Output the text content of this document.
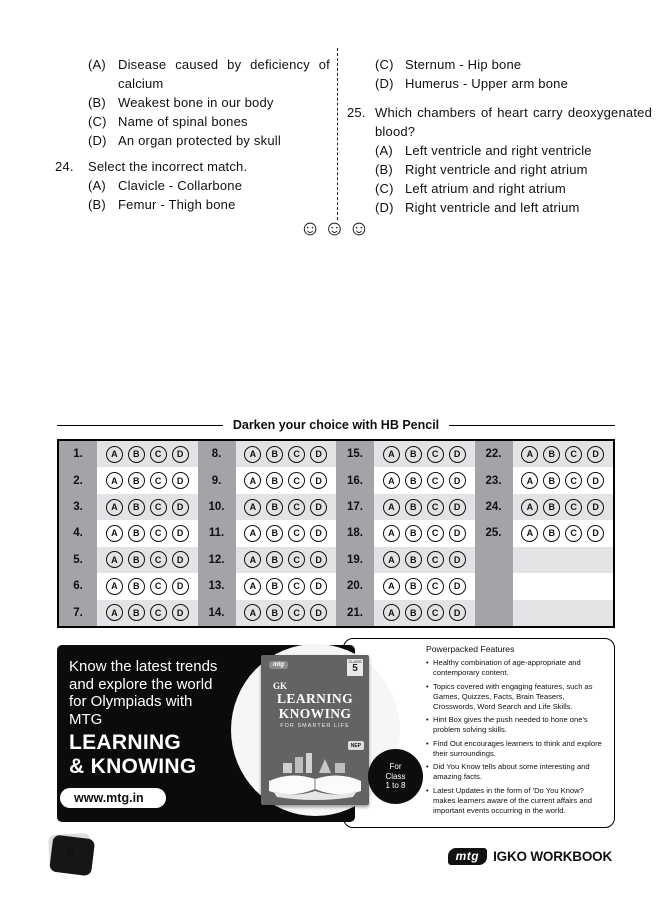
(A) Disease caused by deficiency of calcium
(B) Weakest bone in our body
(C) Name of spinal bones
(D) An organ protected by skull
24. Select the incorrect match.
(A) Clavicle - Collarbone
(B) Femur - Thigh bone
(C) Sternum - Hip bone
(D) Humerus - Upper arm bone
25. Which chambers of heart carry deoxygenated blood?
(A) Left ventricle and right ventricle
(B) Right ventricle and right atrium
(C) Left atrium and right atrium
(D) Right ventricle and left atrium
☺☺☺
Darken your choice with HB Pencil
1.	A	B	C	D	8.	A	B	C	D	15.	A	B	C	D	22.	A	B	C	D
2.	A	B	C	D	9.	A	B	C	D	16.	A	B	C	D	23.	A	B	C	D
3.	A	B	C	D	10.	A	B	C	D	17.	A	B	C	D	24.	A	B	C	D
4.	A	B	C	D	11.	A	B	C	D	18.	A	B	C	D	25.	A	B	C	D
5.	A	B	C	D	12.	A	B	C	D	19.	A	B	C	D
6.	A	B	C	D	13.	A	B	C	D	20.	A	B	C	D
7.	A	B	C	D	14.	A	B	C	D	21.	A	B	C	D
Powerpacked Features
• Healthy combination of age-appropriate and contemporary content.
• Topics covered with engaging features, such as Games, Quizzes, Facts, Brain Teasers, Crosswords, Word Search and Life Skills.
• Hint Box gives the push needed to hone one's problem solving skills.
• Find Out encourages learners to think and explore their surroundings.
• Did You Know tells about some interesting and amazing facts.
• Latest Updates in the form of 'Do You Know? makes learners aware of the current affairs and important events occurring in the world.
Know the latest trends
and explore the world
for Olympiads with
MTG
LEARNING
& KNOWING
www.mtg.in
mtg
CLASS
5
GK
LEARNING
KNOWING
FOR SMARTER LIFE
NEP
For
Class
1 to 8
8	mtg	IGKO WORKBOOK
